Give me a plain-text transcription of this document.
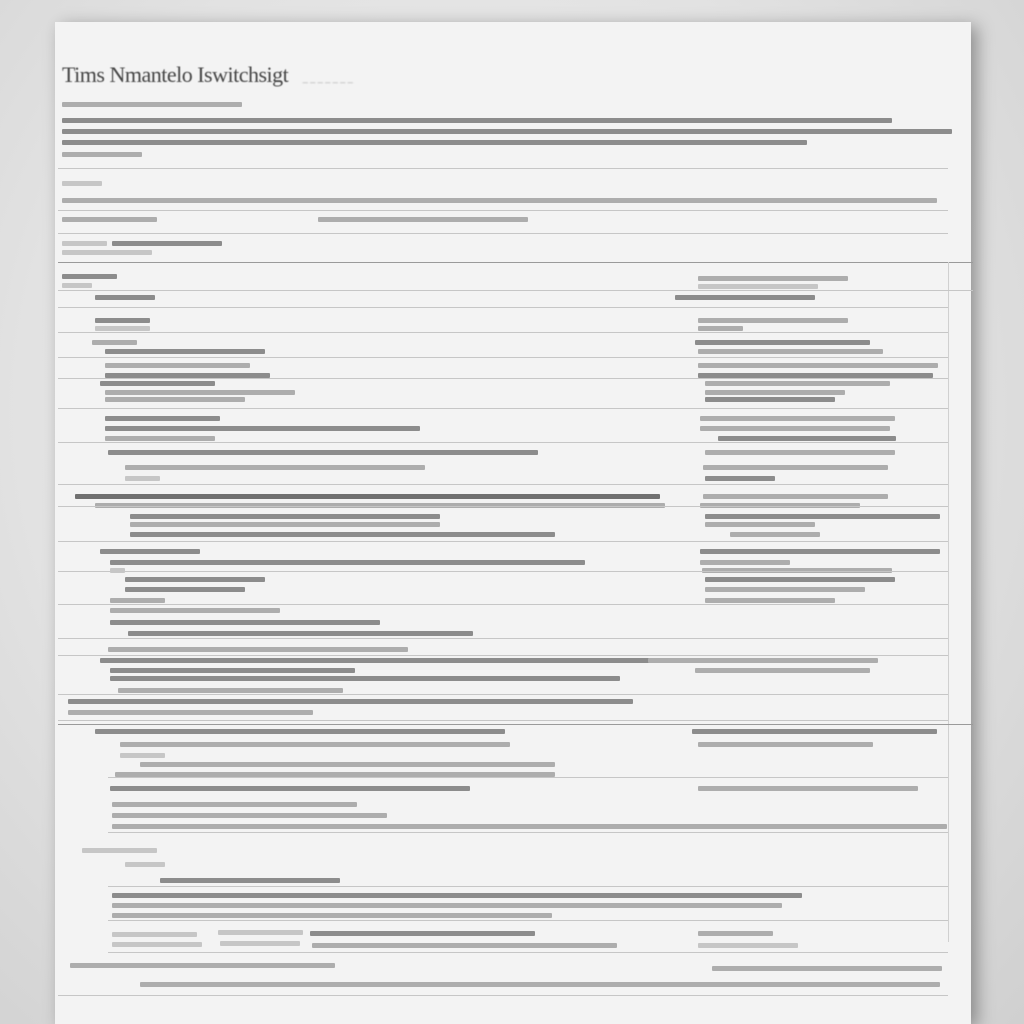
Tims Nmantelo Iswitchsigt _ _ _ _ _ _ _
